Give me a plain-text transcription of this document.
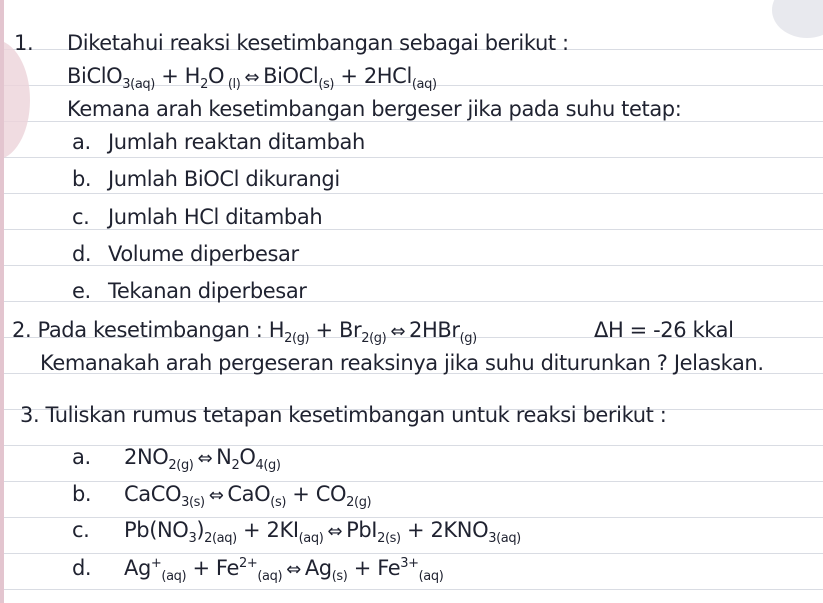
1. Diketahui reaksi kesetimbangan sebagai berikut :
BiClO$_{3(aq)}$ + $H_2O$ $_{(l)}$ ⇔ BiOCl$_{(s)}$ + 2HCl$_{(aq)}$
Kemana arah kesetimbangan bergeser jika pada suhu tetap:
a. Jumlah reaktan ditambah
b. Jumlah BiOCl dikurangi
c. Jumlah HCl ditambah
d. Volume diperbesar
e. Tekanan diperbesar
2. Pada kesetimbangan : $H_{2(g)} + Br_{2(g)}$ ⇔ 2HBr$_{(g)}$	ΔH = -26 kkal
Kemanakah arah pergeseran reaksinya jika suhu diturunkan ? Jelaskan.
3. Tuliskan rumus tetapan kesetimbangan untuk reaksi berikut :
a. $2NO_{2(g)}$ ⇔ $N_2O_{4(g)}$
b. CaCO$_{3(s)}$ ⇔ $CaO_{(s)} + CO_{2(g)}$
c. $Pb(NO_3)_{2(aq)} + 2KI_{(aq)}$ ⇔ $PbI_{2(s)} + 2KNO_{3(aq)}$
d. $Ag^+_{(aq)} + Fe^{2+}_{(aq)}$ ⇔ $Ag_{(s)} + Fe^{3+}_{(aq)}$
